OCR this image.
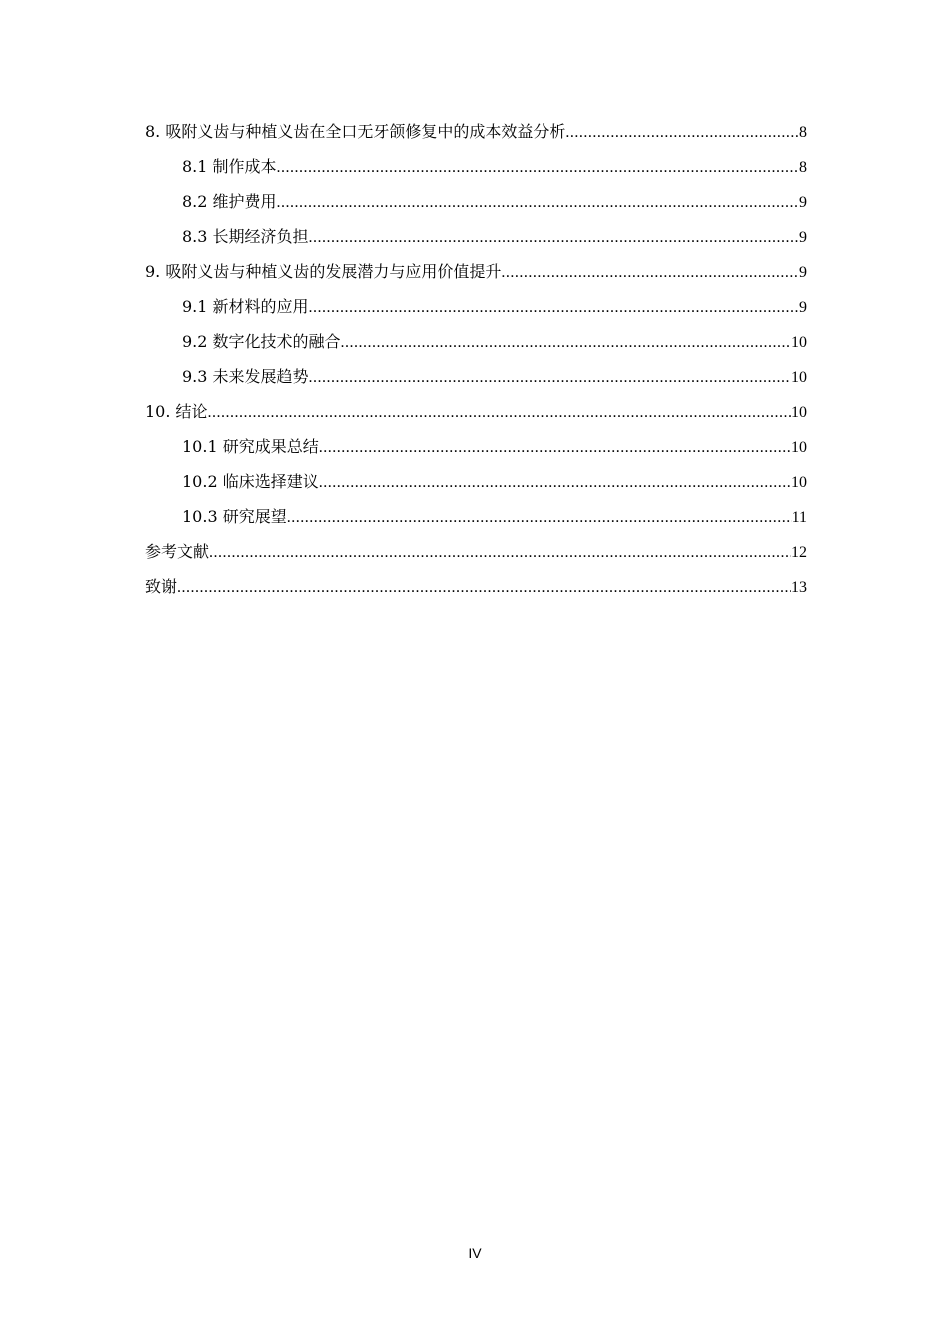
8. 吸附义齿与种植义齿在全口无牙颌修复中的成本效益分析 .....	8
8.1 制作成本 .....	8
8.2 维护费用 .....	9
8.3 长期经济负担 .....	9
9. 吸附义齿与种植义齿的发展潜力与应用价值提升 .....	9
9.1 新材料的应用 .....	9
9.2 数字化技术的融合 .....	10
9.3 未来发展趋势 .....	10
10. 结论 .....	10
10.1 研究成果总结 .....	10
10.2 临床选择建议 .....	10
10.3 研究展望 .....	11
参考文献 .....	12
致谢 .....	13
IV
